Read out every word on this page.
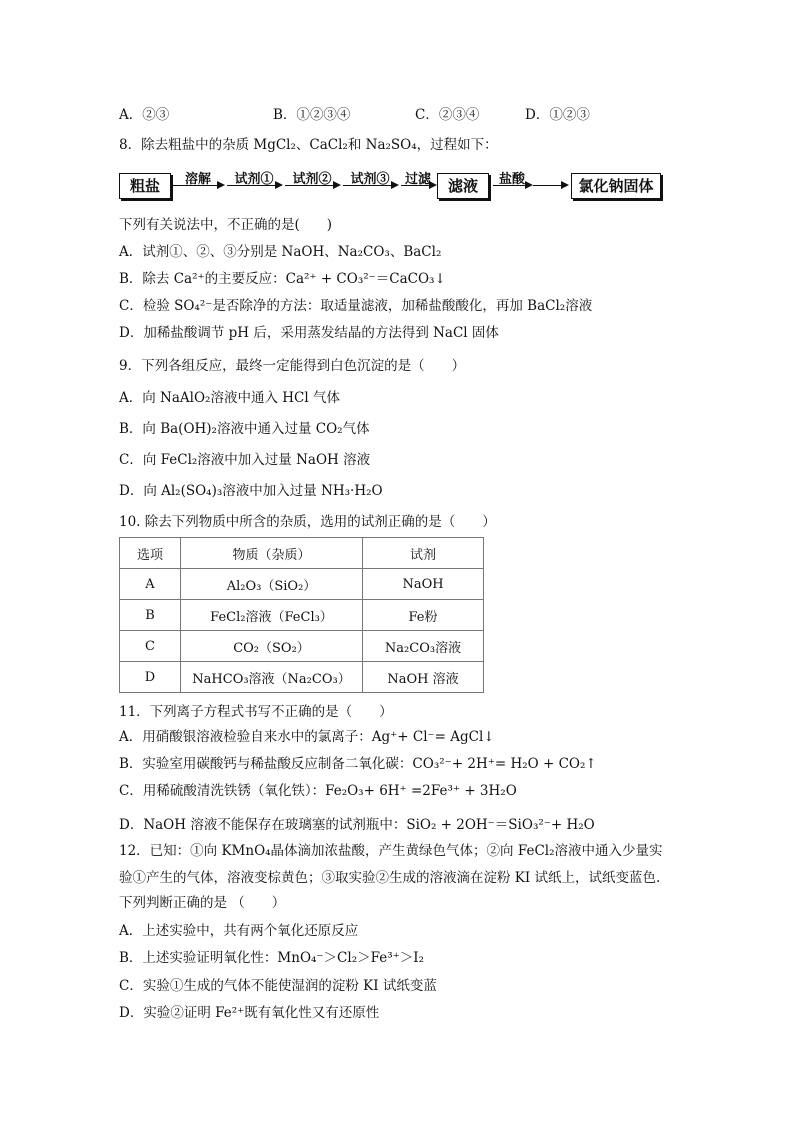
A．②③	B．①②③④	C．②③④	D．①②③
8．除去粗盐中的杂质 MgCl₂、CaCl₂和 Na₂SO₄，过程如下：
粗盐	溶解	试剂①	试剂②	试剂③	过滤	滤液	盐酸	氯化钠固体
下列有关说法中，不正确的是(　　)
A．试剂①、②、③分别是 NaOH、Na₂CO₃、BaCl₂
B．除去 Ca²⁺的主要反应：Ca²⁺ + CO₃²⁻＝CaCO₃↓
C．检验 SO₄²⁻是否除净的方法：取适量滤液，加稀盐酸酸化，再加 BaCl₂溶液
D．加稀盐酸调节 pH 后，采用蒸发结晶的方法得到 NaCl 固体
9．下列各组反应，最终一定能得到白色沉淀的是（　　）
A．向 NaAlO₂溶液中通入 HCl 气体
B．向 Ba(OH)₂溶液中通入过量 CO₂气体
C．向 FeCl₂溶液中加入过量 NaOH 溶液
D．向 Al₂(SO₄)₃溶液中加入过量 NH₃·H₂O
10. 除去下列物质中所含的杂质，选用的试剂正确的是（　　）
选项	物质（杂质）	试剂
A	Al₂O₃（SiO₂）	NaOH
B	FeCl₂溶液（FeCl₃）	Fe粉
C	CO₂（SO₂）	Na₂CO₃溶液
D	NaHCO₃溶液（Na₂CO₃）	NaOH 溶液
11．下列离子方程式书写不正确的是（　　）
A．用硝酸银溶液检验自来水中的氯离子：Ag⁺+ Cl⁻= AgCl↓
B．实验室用碳酸钙与稀盐酸反应制备二氧化碳：CO₃²⁻+ 2H⁺= H₂O + CO₂↑
C．用稀硫酸清洗铁锈（氧化铁）：Fe₂O₃+ 6H⁺ =2Fe³⁺ + 3H₂O
D．NaOH 溶液不能保存在玻璃塞的试剂瓶中：SiO₂ + 2OH⁻＝SiO₃²⁻+ H₂O
12．已知：①向 KMnO₄晶体滴加浓盐酸，产生黄绿色气体；②向 FeCl₂溶液中通入少量实
验①产生的气体，溶液变棕黄色；③取实验②生成的溶液滴在淀粉 KI 试纸上，试纸变蓝色.
下列判断正确的是 （　　）
A．上述实验中，共有两个氧化还原反应
B．上述实验证明氧化性：MnO₄⁻＞Cl₂＞Fe³⁺＞I₂
C．实验①生成的气体不能使湿润的淀粉 KI 试纸变蓝
D．实验②证明 Fe²⁺既有氧化性又有还原性
